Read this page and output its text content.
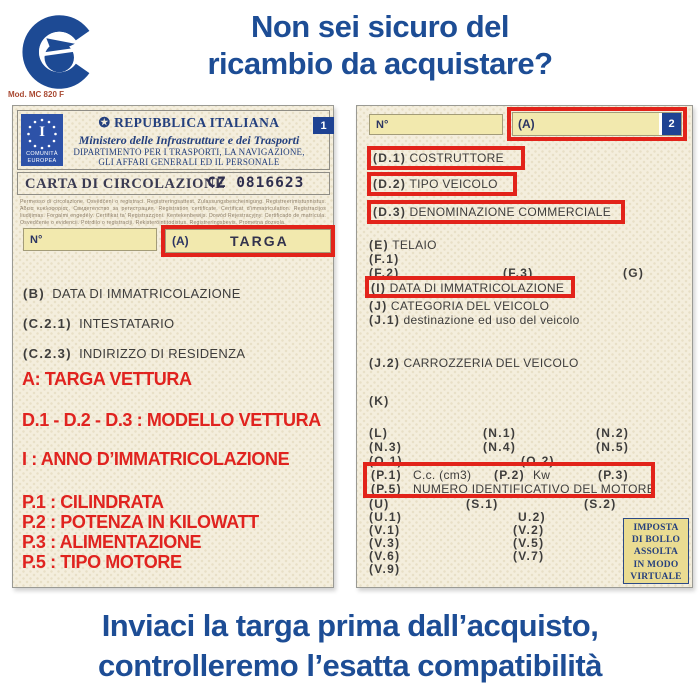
Non sei sicuro del
ricambio da acquistare?
Mod. MC 820 F
I
COMUNITÀ
EUROPEA
✪ REPUBBLICA ITALIANA
Ministero delle Infrastrutture e dei Trasporti
DIPARTIMENTO PER I TRASPORTI, LA NAVIGAZIONE,
GLI AFFARI GENERALI ED IL PERSONALE
1
CARTA DI CIRCOLAZIONE
CZ 0816623
Permesso di circolazione. Osvědčení o registraci. Registreringsattest. Zulassungsbescheinigung. Registreerimistunnistus. Άδεια κυκλοφορίας. Свидетелство за регистрация. Registration certificate. Certificat d'immatriculation. Registracijos liudijimas. Forgalmi engedély. Certifikat ta' Registrazzjoni. Kentekenbewijs. Dowód Rejestracyjny. Certificado de matrícula. Osvedčenie o evidencii. Potrdilo o registraciji. Rekisteröintitodistus. Registreringsbevis. Prometna dozvola.
N°	(A)	TARGA
(B) DATA DI IMMATRICOLAZIONE
(C.2.1) INTESTATARIO
(C.2.3) INDIRIZZO DI RESIDENZA
A: TARGA VETTURA
D.1 - D.2 - D.3 : MODELLO VETTURA
I : ANNO D’IMMATRICOLAZIONE
P.1 : CILINDRATA
P.2 : POTENZA IN KILOWATT
P.3 : ALIMENTAZIONE
P.5 : TIPO MOTORE
N°	(A)	2
(D.1) COSTRUTTORE
(D.2) TIPO VEICOLO
(D.3) DENOMINAZIONE COMMERCIALE
(E) TELAIO
(F.1)
(F.2)	(F.3)	(G)
(I) DATA DI IMMATRICOLAZIONE
(J) CATEGORIA DEL VEICOLO
(J.1) destinazione ed uso del veicolo
(J.2) CARROZZERIA DEL VEICOLO
(K)
(L)	(N.1)	(N.2)
(N.3)	(N.4)	(N.5)
(O.1)	(O.2)
(P.1) C.c. (cm3) (P.2) Kw	(P.3)
(P.5) NUMERO IDENTIFICATIVO DEL MOTORE
(U)	(S.1)	(S.2)
(U.1)	U.2)
(V.1)	(V.2)
(V.3)	(V.5)
(V.6)	(V.7)
(V.9)
IMPOSTA
DI BOLLO
ASSOLTA
IN MODO
VIRTUALE
Inviaci la targa prima dall’acquisto,
controlleremo l’esatta compatibilità
